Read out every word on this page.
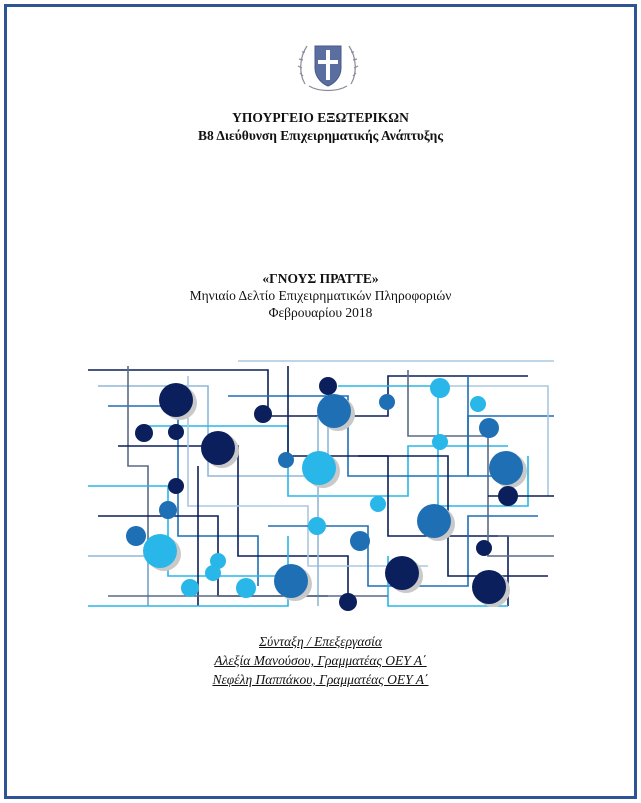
ΥΠΟΥΡΓΕΙΟ ΕΞΩΤΕΡΙΚΩΝ
Β8 Διεύθυνση Επιχειρηματικής Ανάπτυξης
«ΓΝΟΥΣ ΠΡΑΤΤΕ»
Μηνιαίο Δελτίο Επιχειρηματικών Πληροφοριών
Φεβρουαρίου 2018
Σύνταξη / Επεξεργασία
Αλεξία Μανούσου, Γραμματέας ΟΕΥ Α΄
Νεφέλη Παππάκου, Γραμματέας ΟΕΥ Α΄
